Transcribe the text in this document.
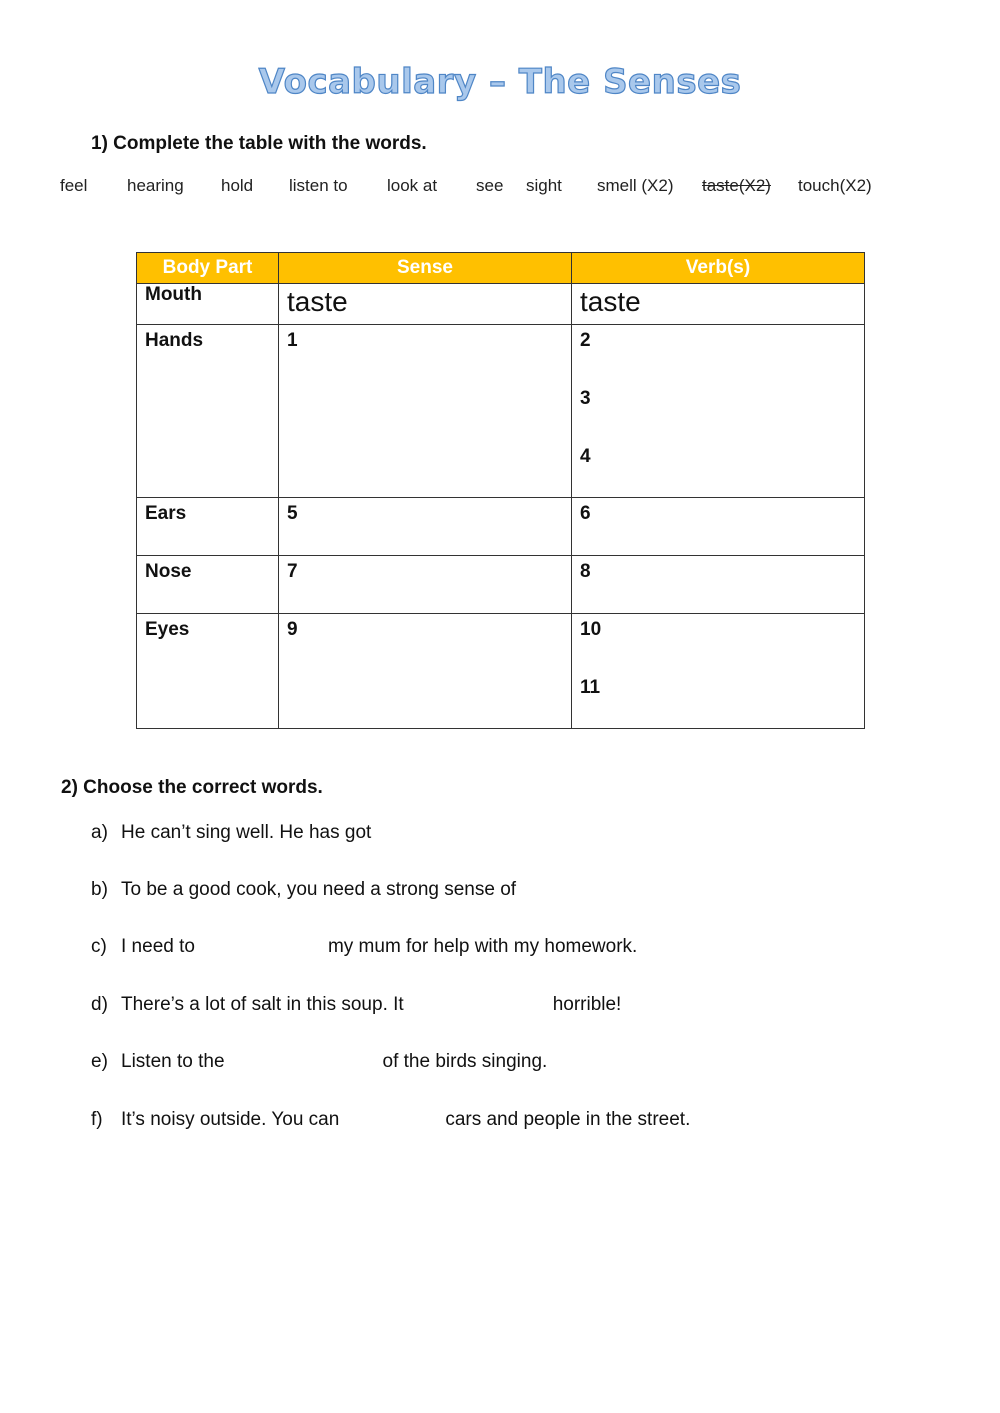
Vocabulary – The Senses
1) Complete the table with the words.
feel hearing hold listen to look at see sight smell (X2) taste(X2) touch(X2)
Body Part	Sense	Verb(s)
Mouth	taste	taste

Hands	1	2
3
4

Ears	5	6

Nose	7	8

Eyes	9	10
11
2) Choose the correct words.
a) He can’t sing well. He has got
b) To be a good cook, you need a strong sense of
c) I need to	my mum for help with my homework.
d) There’s a lot of salt in this soup. It	horrible!
e) Listen to the	of the birds singing.
f) It’s noisy outside. You can	cars and people in the street.
